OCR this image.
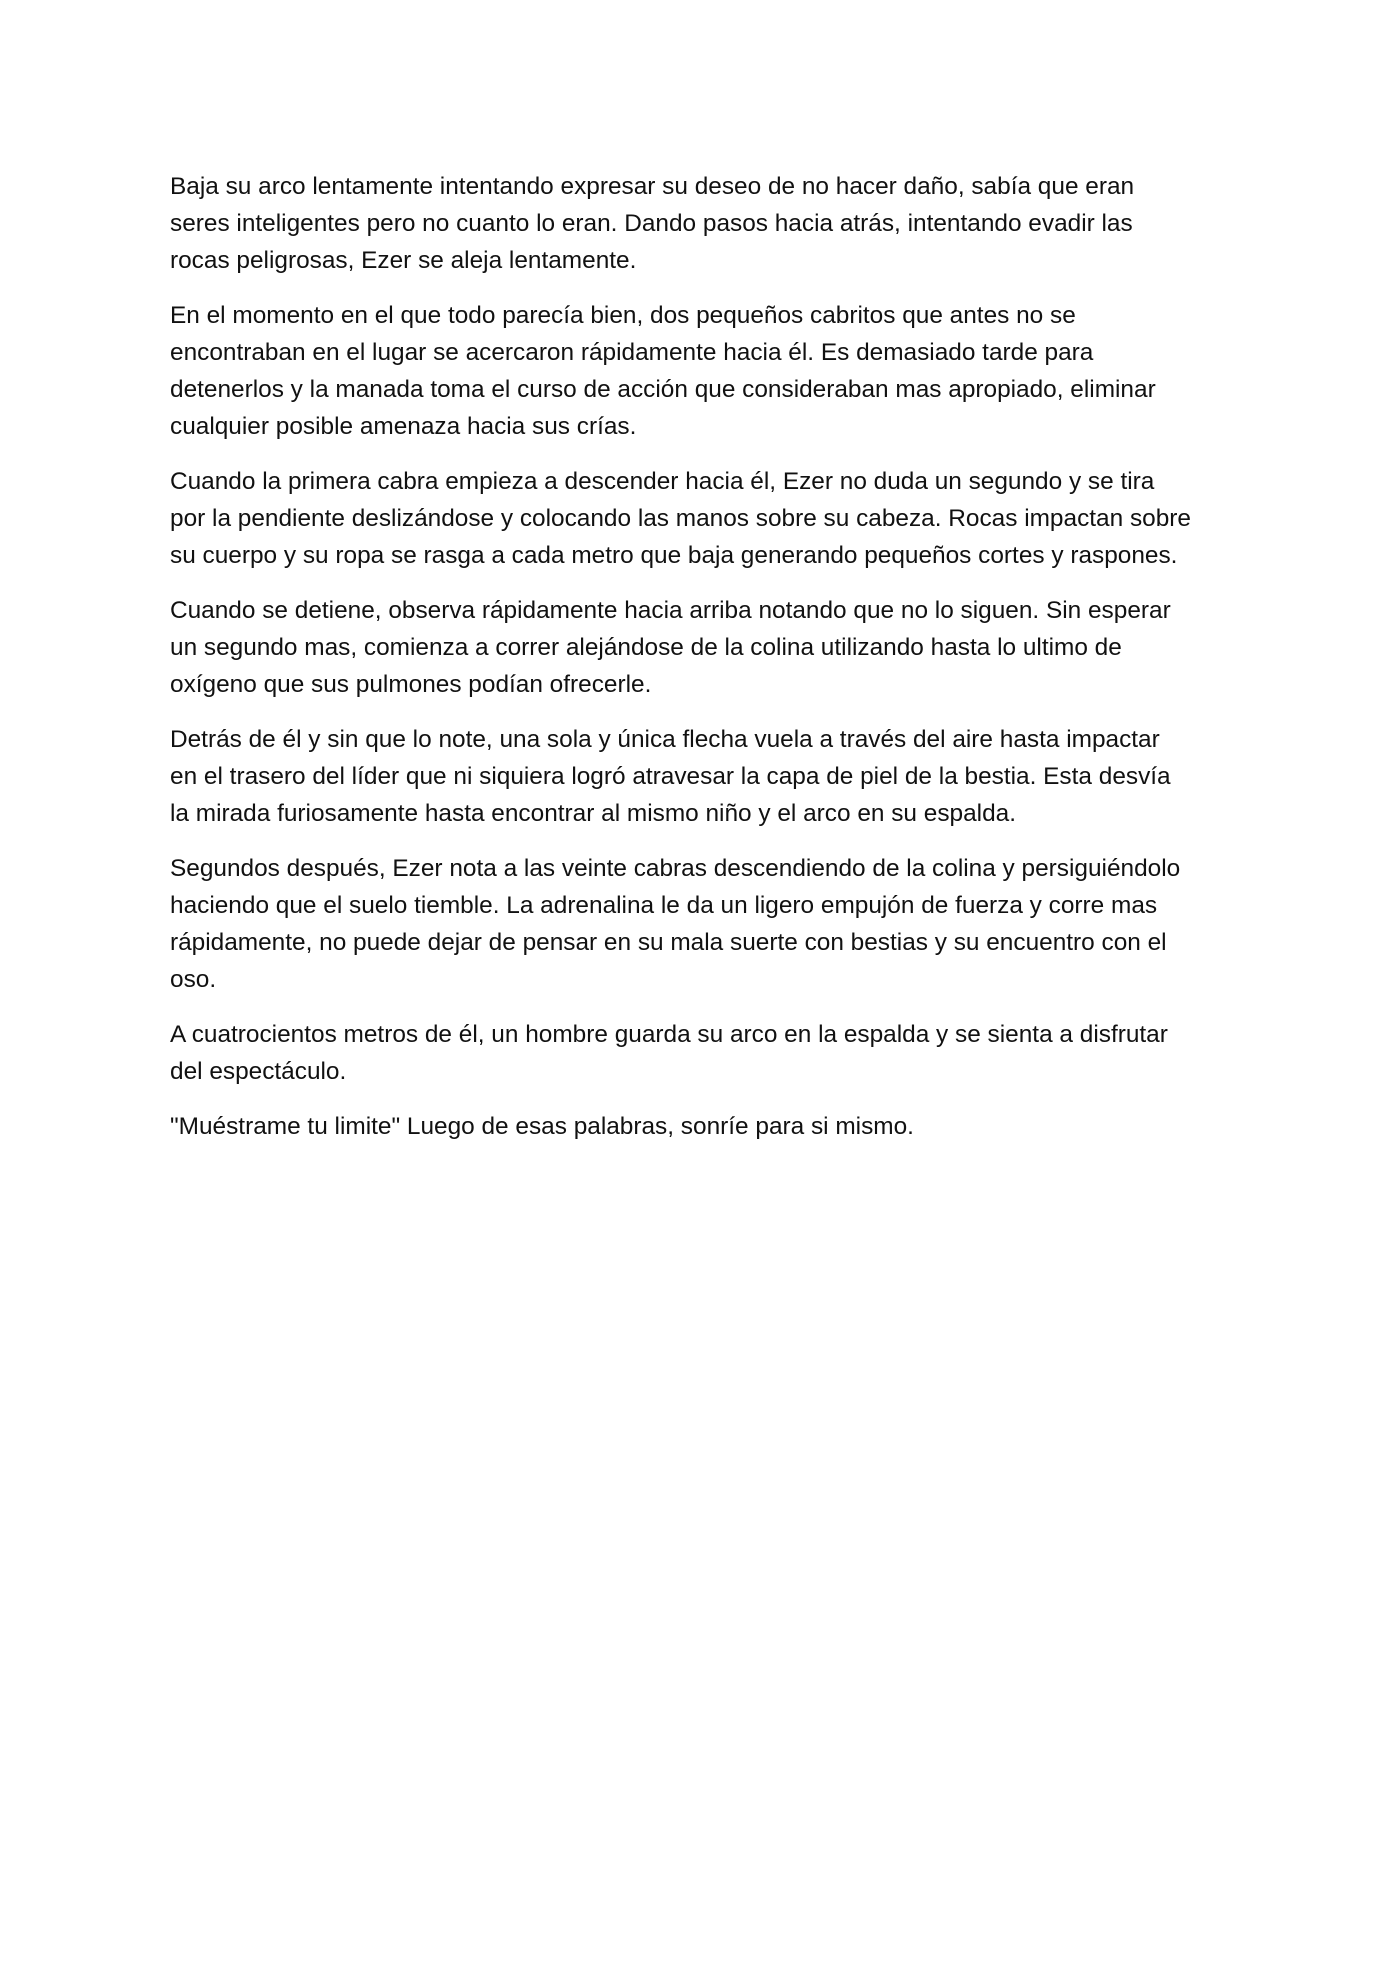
Baja su arco lentamente intentando expresar su deseo de no hacer daño, sabía que eran
seres inteligentes pero no cuanto lo eran. Dando pasos hacia atrás, intentando evadir las
rocas peligrosas, Ezer se aleja lentamente.

En el momento en el que todo parecía bien, dos pequeños cabritos que antes no se
encontraban en el lugar se acercaron rápidamente hacia él. Es demasiado tarde para
detenerlos y la manada toma el curso de acción que consideraban mas apropiado, eliminar
cualquier posible amenaza hacia sus crías.

Cuando la primera cabra empieza a descender hacia él, Ezer no duda un segundo y se tira
por la pendiente deslizándose y colocando las manos sobre su cabeza. Rocas impactan sobre
su cuerpo y su ropa se rasga a cada metro que baja generando pequeños cortes y raspones.

Cuando se detiene, observa rápidamente hacia arriba notando que no lo siguen. Sin esperar
un segundo mas, comienza a correr alejándose de la colina utilizando hasta lo ultimo de
oxígeno que sus pulmones podían ofrecerle.

Detrás de él y sin que lo note, una sola y única flecha vuela a través del aire hasta impactar
en el trasero del líder que ni siquiera logró atravesar la capa de piel de la bestia. Esta desvía
la mirada furiosamente hasta encontrar al mismo niño y el arco en su espalda.

Segundos después, Ezer nota a las veinte cabras descendiendo de la colina y persiguiéndolo
haciendo que el suelo tiemble. La adrenalina le da un ligero empujón de fuerza y corre mas
rápidamente, no puede dejar de pensar en su mala suerte con bestias y su encuentro con el
oso.

A cuatrocientos metros de él, un hombre guarda su arco en la espalda y se sienta a disfrutar
del espectáculo.

"Muéstrame tu limite" Luego de esas palabras, sonríe para si mismo.
